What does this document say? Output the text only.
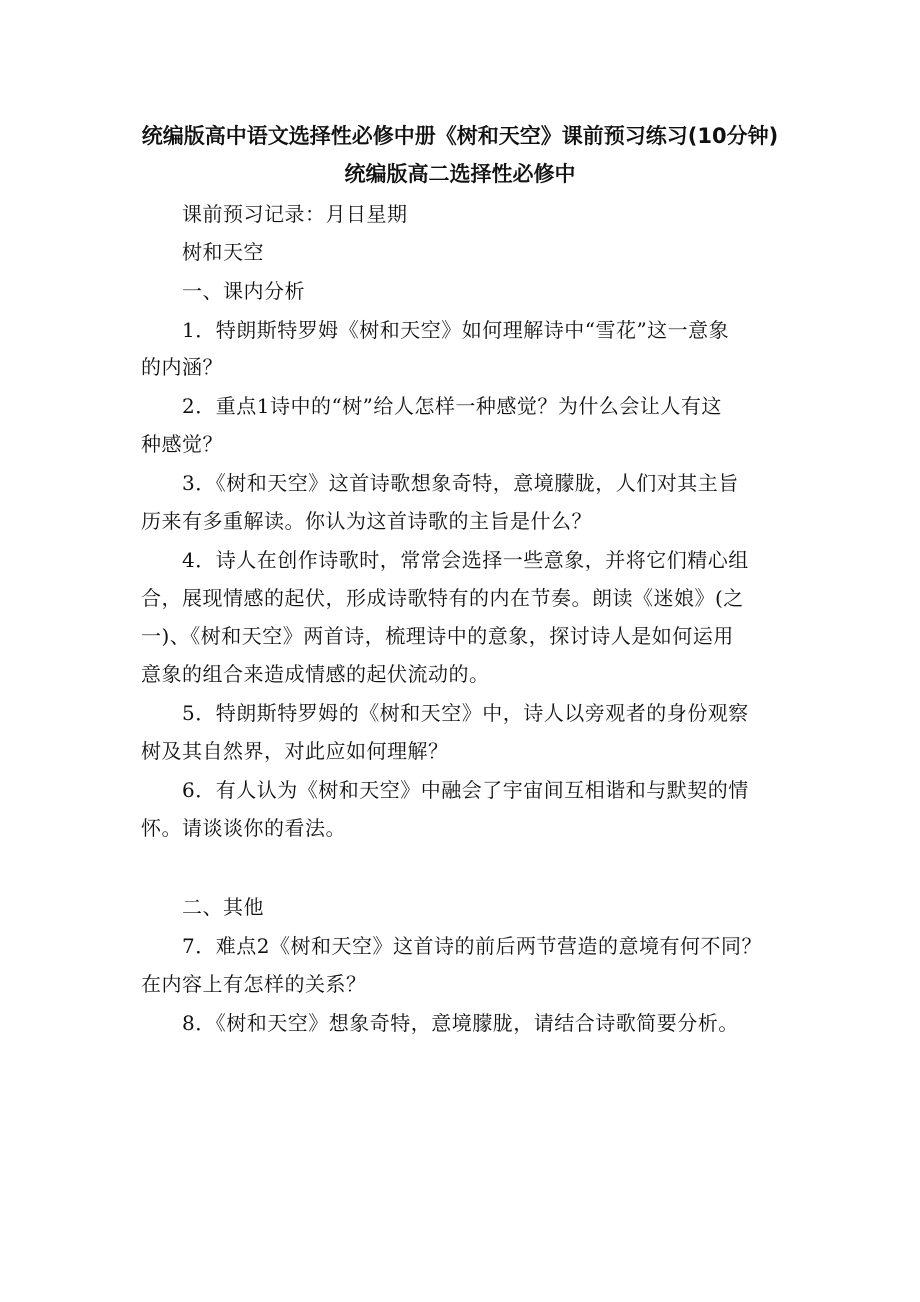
统编版高中语文选择性必修中册《树和天空》课前预习练习(10分钟)
统编版高二选择性必修中
课前预习记录：月日星期
树和天空
一、课内分析
1．特朗斯特罗姆《树和天空》如何理解诗中“雪花”这一意象
的内涵？
2．重点1诗中的“树”给人怎样一种感觉？为什么会让人有这
种感觉？
3．《树和天空》这首诗歌想象奇特，意境朦胧，人们对其主旨
历来有多重解读。你认为这首诗歌的主旨是什么？
4．诗人在创作诗歌时，常常会选择一些意象，并将它们精心组
合，展现情感的起伏，形成诗歌特有的内在节奏。朗读《迷娘》(之
一)、《树和天空》两首诗，梳理诗中的意象，探讨诗人是如何运用
意象的组合来造成情感的起伏流动的。
5．特朗斯特罗姆的《树和天空》中，诗人以旁观者的身份观察
树及其自然界，对此应如何理解？
6．有人认为《树和天空》中融会了宇宙间互相谐和与默契的情
怀。请谈谈你的看法。
二、其他
7．难点2《树和天空》这首诗的前后两节营造的意境有何不同？
在内容上有怎样的关系？
8．《树和天空》想象奇特，意境朦胧，请结合诗歌简要分析。
